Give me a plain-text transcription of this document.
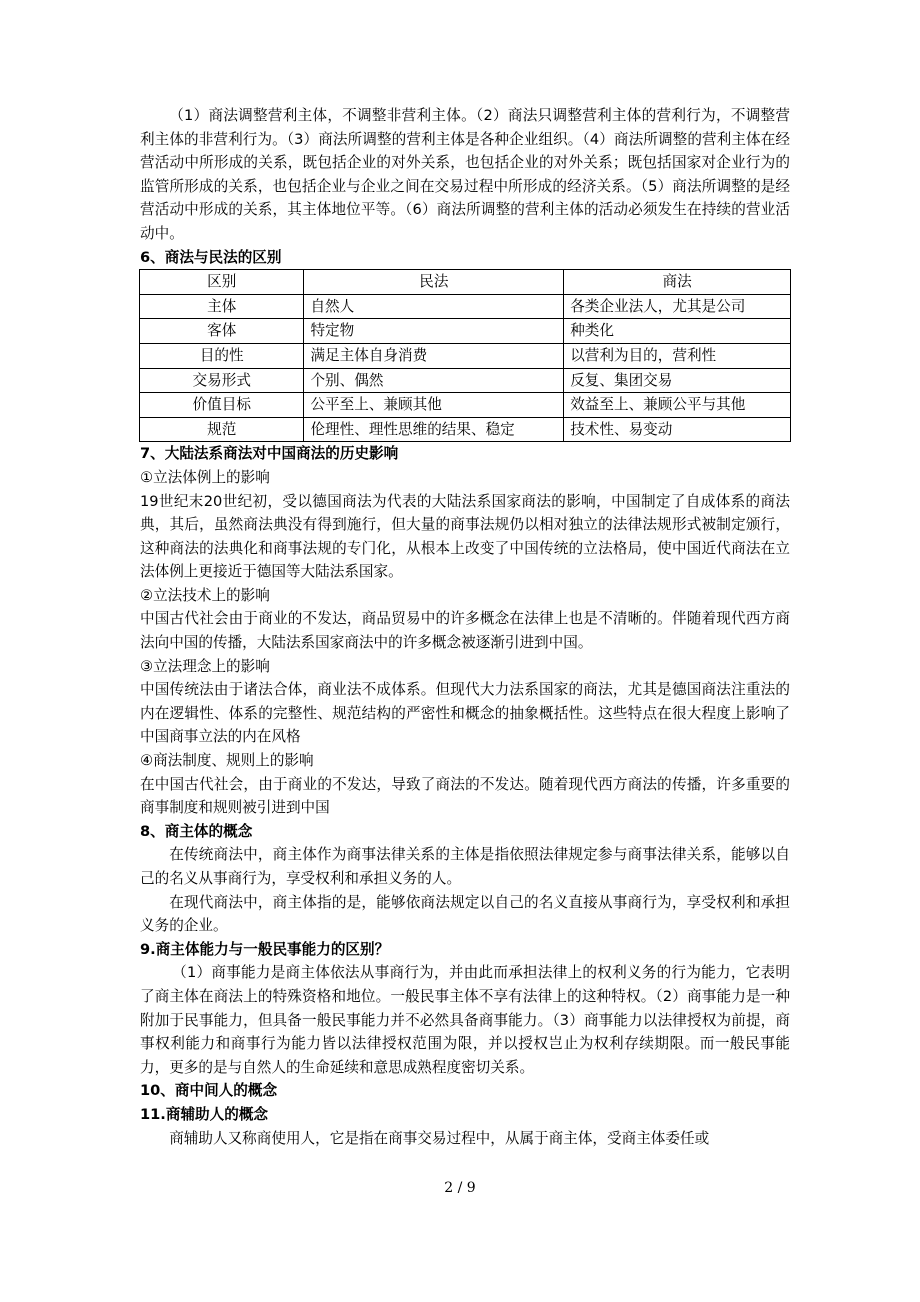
（1）商法调整营利主体，不调整非营利主体。（2）商法只调整营利主体的营利行为，不调整营利主体的非营利行为。（3）商法所调整的营利主体是各种企业组织。（4）商法所调整的营利主体在经营活动中所形成的关系，既包括企业的对外关系，也包括企业的对外关系；既包括国家对企业行为的监管所形成的关系，也包括企业与企业之间在交易过程中所形成的经济关系。（5）商法所调整的是经营活动中形成的关系，其主体地位平等。（6）商法所调整的营利主体的活动必须发生在持续的营业活动中。

6、商法与民法的区别

区别	民法	商法
主体	自然人	各类企业法人，尤其是公司
客体	特定物	种类化
目的性	满足主体自身消费	以营利为目的，营利性
交易形式	个别、偶然	反复、集团交易
价值目标	公平至上、兼顾其他	效益至上、兼顾公平与其他
规范	伦理性、理性思维的结果、稳定	技术性、易变动

7、大陆法系商法对中国商法的历史影响

①立法体例上的影响

19世纪末20世纪初，受以德国商法为代表的大陆法系国家商法的影响，中国制定了自成体系的商法典，其后，虽然商法典没有得到施行，但大量的商事法规仍以相对独立的法律法规形式被制定颁行，这种商法的法典化和商事法规的专门化，从根本上改变了中国传统的立法格局，使中国近代商法在立法体例上更接近于德国等大陆法系国家。

②立法技术上的影响

中国古代社会由于商业的不发达，商品贸易中的许多概念在法律上也是不清晰的。伴随着现代西方商法向中国的传播，大陆法系国家商法中的许多概念被逐渐引进到中国。

③立法理念上的影响

中国传统法由于诸法合体，商业法不成体系。但现代大力法系国家的商法，尤其是德国商法注重法的内在逻辑性、体系的完整性、规范结构的严密性和概念的抽象概括性。这些特点在很大程度上影响了中国商事立法的内在风格

④商法制度、规则上的影响

在中国古代社会，由于商业的不发达，导致了商法的不发达。随着现代西方商法的传播，许多重要的商事制度和规则被引进到中国

8、商主体的概念

在传统商法中，商主体作为商事法律关系的主体是指依照法律规定参与商事法律关系，能够以自己的名义从事商行为，享受权利和承担义务的人。

在现代商法中，商主体指的是，能够依商法规定以自己的名义直接从事商行为，享受权利和承担义务的企业。

9.商主体能力与一般民事能力的区别？

（1）商事能力是商主体依法从事商行为，并由此而承担法律上的权利义务的行为能力，它表明了商主体在商法上的特殊资格和地位。一般民事主体不享有法律上的这种特权。（2）商事能力是一种附加于民事能力，但具备一般民事能力并不必然具备商事能力。（3）商事能力以法律授权为前提，商事权利能力和商事行为能力皆以法律授权范围为限，并以授权岂止为权利存续期限。而一般民事能力，更多的是与自然人的生命延续和意思成熟程度密切关系。

10、商中间人的概念

11.商辅助人的概念

商辅助人又称商使用人，它是指在商事交易过程中，从属于商主体，受商主体委任或

2 / 9
